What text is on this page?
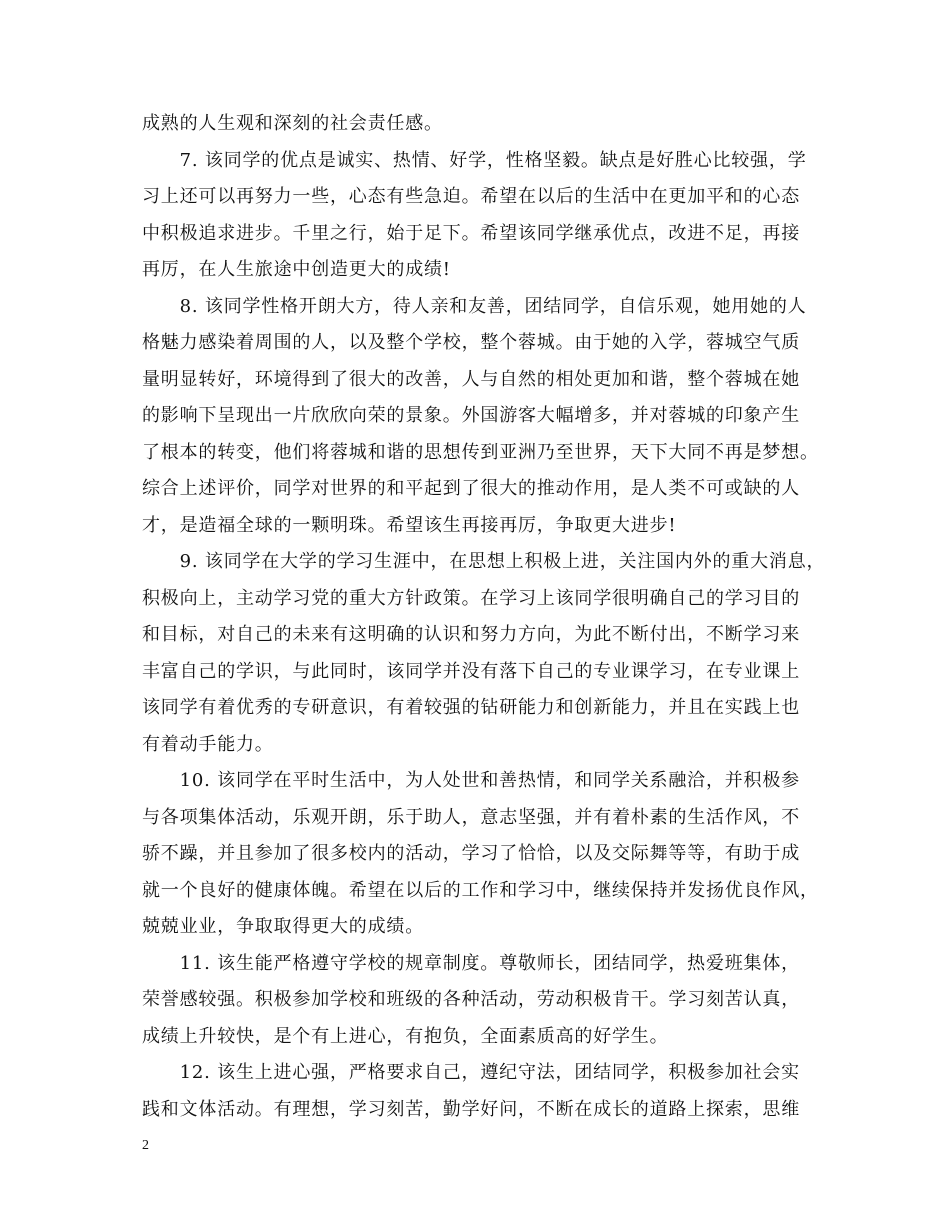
成熟的人生观和深刻的社会责任感。
　　7. 该同学的优点是诚实、热情、好学，性格坚毅。缺点是好胜心比较强，学
习上还可以再努力一些，心态有些急迫。希望在以后的生活中在更加平和的心态
中积极追求进步。千里之行，始于足下。希望该同学继承优点，改进不足，再接
再厉，在人生旅途中创造更大的成绩!
　　8. 该同学性格开朗大方，待人亲和友善，团结同学，自信乐观，她用她的人
格魅力感染着周围的人，以及整个学校，整个蓉城。由于她的入学，蓉城空气质
量明显转好，环境得到了很大的改善，人与自然的相处更加和谐，整个蓉城在她
的影响下呈现出一片欣欣向荣的景象。外国游客大幅增多，并对蓉城的印象产生
了根本的转变，他们将蓉城和谐的思想传到亚洲乃至世界，天下大同不再是梦想。
综合上述评价，同学对世界的和平起到了很大的推动作用，是人类不可或缺的人
才，是造福全球的一颗明珠。希望该生再接再厉，争取更大进步!
　　9. 该同学在大学的学习生涯中，在思想上积极上进，关注国内外的重大消息，
积极向上，主动学习党的重大方针政策。在学习上该同学很明确自己的学习目的
和目标，对自己的未来有这明确的认识和努力方向，为此不断付出，不断学习来
丰富自己的学识，与此同时，该同学并没有落下自己的专业课学习，在专业课上
该同学有着优秀的专研意识，有着较强的钻研能力和创新能力，并且在实践上也
有着动手能力。
　　10. 该同学在平时生活中，为人处世和善热情，和同学关系融洽，并积极参
与各项集体活动，乐观开朗，乐于助人，意志坚强，并有着朴素的生活作风，不
骄不躁，并且参加了很多校内的活动，学习了恰恰，以及交际舞等等，有助于成
就一个良好的健康体魄。希望在以后的工作和学习中，继续保持并发扬优良作风，
兢兢业业，争取取得更大的成绩。
　　11. 该生能严格遵守学校的规章制度。尊敬师长，团结同学，热爱班集体，
荣誉感较强。积极参加学校和班级的各种活动，劳动积极肯干。学习刻苦认真，
成绩上升较快，是个有上进心，有抱负，全面素质高的好学生。
　　12. 该生上进心强，严格要求自己，遵纪守法，团结同学，积极参加社会实
践和文体活动。有理想，学习刻苦，勤学好问，不断在成长的道路上探索，思维
2
